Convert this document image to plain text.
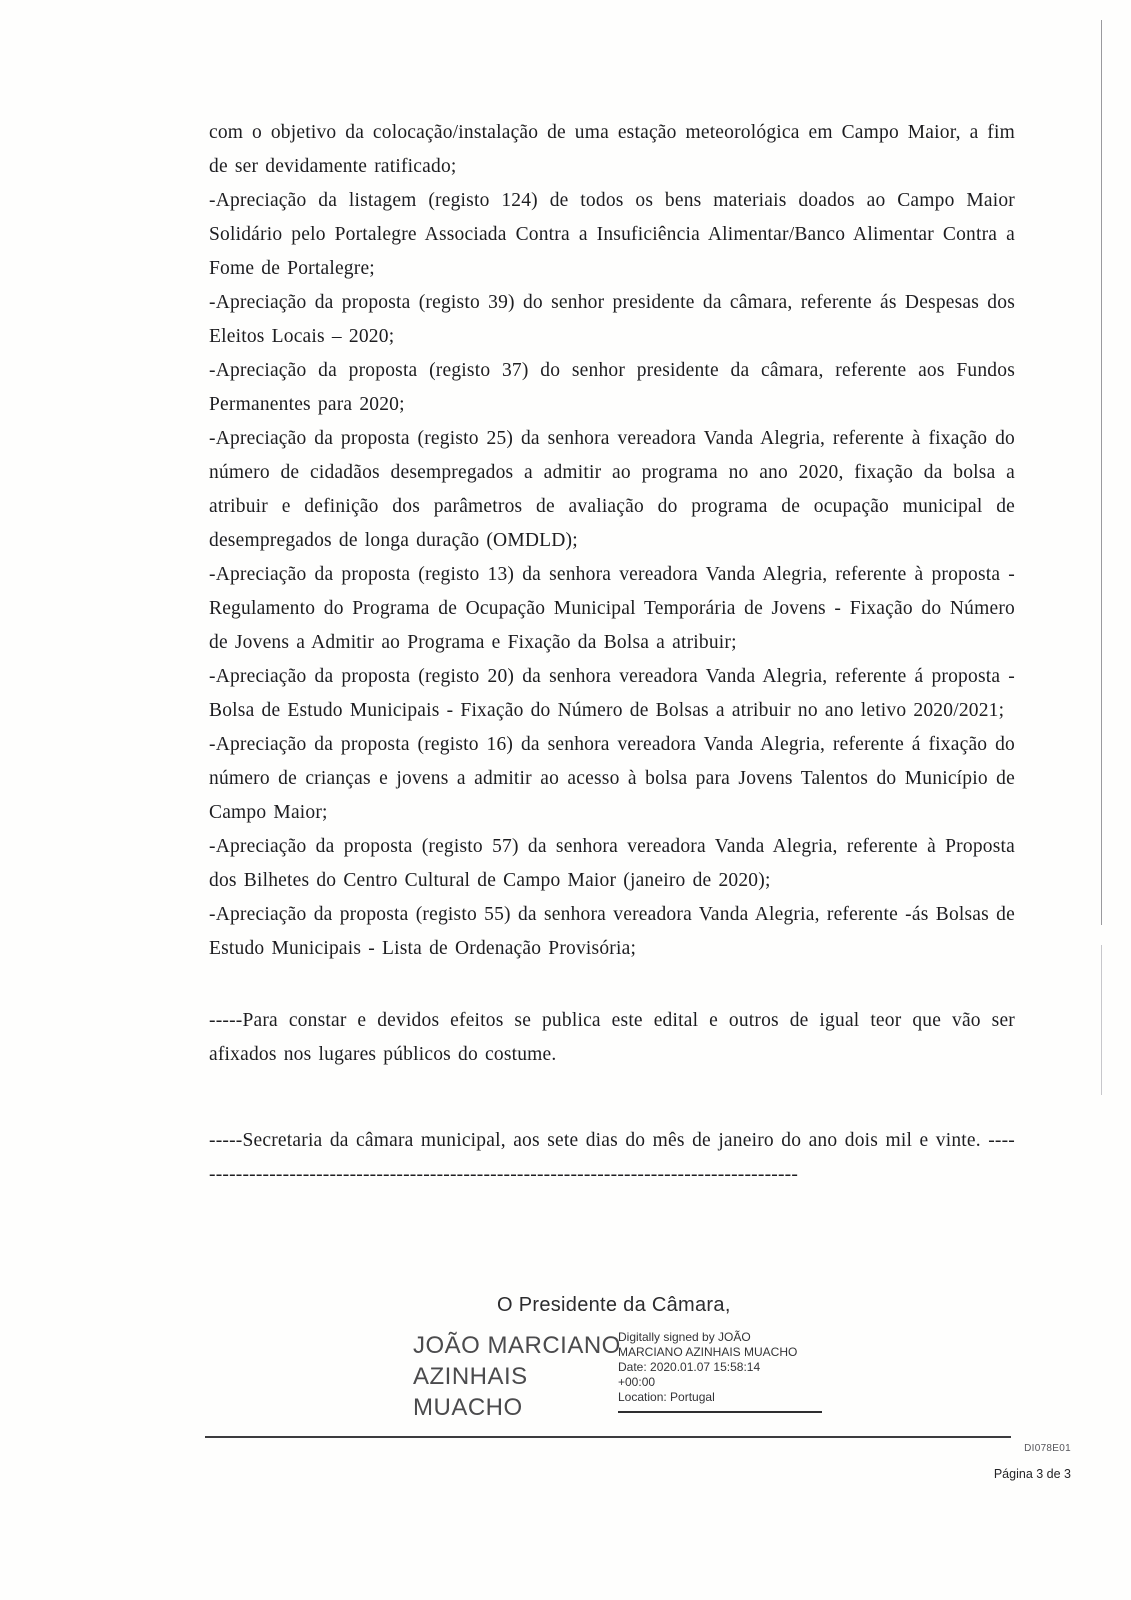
com o objetivo da colocação/instalação de uma estação meteorológica em Campo Maior, a fim de ser devidamente ratificado;

-Apreciação da listagem (registo 124) de todos os bens materiais doados ao Campo Maior Solidário pelo Portalegre Associada Contra a Insuficiência Alimentar/Banco Alimentar Contra a Fome de Portalegre;

-Apreciação da proposta (registo 39) do senhor presidente da câmara, referente ás Despesas dos Eleitos Locais – 2020;

-Apreciação da proposta (registo 37) do senhor presidente da câmara, referente aos Fundos Permanentes para 2020;

-Apreciação da proposta (registo 25) da senhora vereadora Vanda Alegria, referente à fixação do número de cidadãos desempregados a admitir ao programa no ano 2020, fixação da bolsa a atribuir e definição dos parâmetros de avaliação do programa de ocupação municipal de desempregados de longa duração (OMDLD);

-Apreciação da proposta (registo 13) da senhora vereadora Vanda Alegria, referente à proposta - Regulamento do Programa de Ocupação Municipal Temporária de Jovens - Fixação do Número de Jovens a Admitir ao Programa e Fixação da Bolsa a atribuir;

-Apreciação da proposta (registo 20) da senhora vereadora Vanda Alegria, referente á proposta - Bolsa de Estudo Municipais - Fixação do Número de Bolsas a atribuir no ano letivo 2020/2021;

-Apreciação da proposta (registo 16) da senhora vereadora Vanda Alegria, referente á fixação do número de crianças e jovens a admitir ao acesso à bolsa para Jovens Talentos do Município de Campo Maior;

-Apreciação da proposta (registo 57) da senhora vereadora Vanda Alegria, referente à Proposta dos Bilhetes do Centro Cultural de Campo Maior (janeiro de 2020);

-Apreciação da proposta (registo 55) da senhora vereadora Vanda Alegria, referente -ás Bolsas de Estudo Municipais - Lista de Ordenação Provisória;

-----Para constar e devidos efeitos se publica este edital e outros de igual teor que vão ser afixados nos lugares públicos do costume.

-----Secretaria da câmara municipal, aos sete dias do mês de janeiro do ano dois mil e vinte. --------------------------------------------------------------------------------------------

O Presidente da Câmara,
JOÃO MARCIANO
AZINHAIS
MUACHO
Digitally signed by JOÃO
MARCIANO AZINHAIS MUACHO
Date: 2020.01.07 15:58:14
+00:00
Location: Portugal
DI078E01
Página 3 de 3
